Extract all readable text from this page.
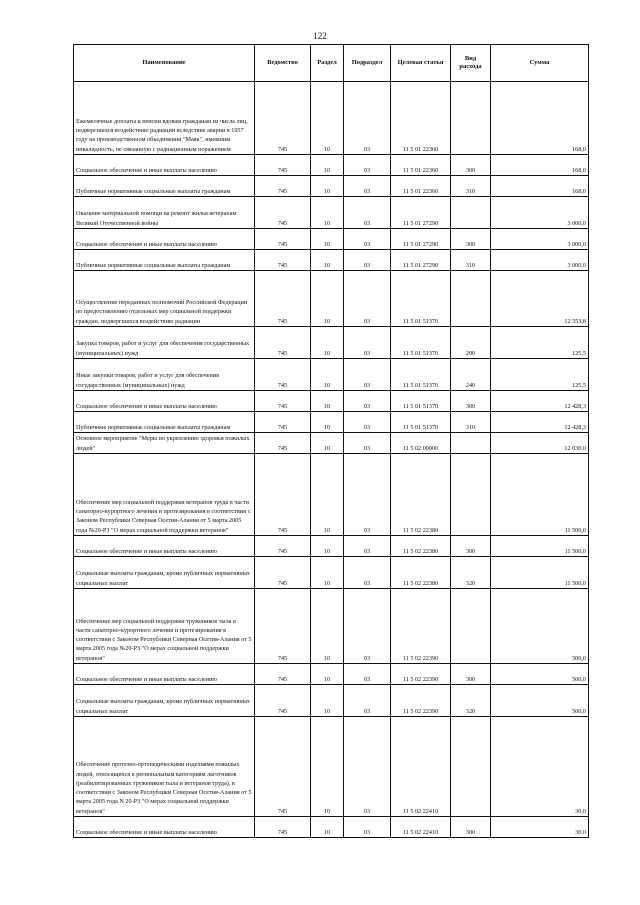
122
Наименование	Ведомство	Раздел	Подраздел	Целевая статья	Вид расхода	Сумма
Ежемесячные доплаты к пенсии вдовам гражданам из числа лиц, подвергшихся воздействию радиации вследствие аварии в 1957 году на производственном объединении "Маяк", имевшим инвалидность, не связанную с радиационным поражением	745	10	03	11 5 01 22360		168,0
Социальное обеспечение и иные выплаты населению	745	10	03	11 5 01 22360	300	168,0
Публичные нормативные социальные выплаты гражданам	745	10	03	11 5 01 22360	310	168,0
Оказание материальной помощи на ремонт жилья ветеранам Великой Отечественной войны	745	10	03	11 5 01 27290		3 000,0
Социальное обеспечение и иные выплаты населению	745	10	03	11 5 01 27290	300	3 000,0
Публичные нормативные социальные выплаты гражданам	745	10	03	11 5 01 27290	310	3 000,0
Осуществление переданных полномочий Российской Федерации по предоставлению отдельных мер социальной поддержки граждан, подвергшихся воздействию радиации	745	10	03	11 5 01 51370		12 553,8
Закупка товаров, работ и услуг для обеспечения государственных (муниципальных) нужд	745	10	03	11 5 01 51370	200	125,5
Иные закупки товаров, работ и услуг для обеспечения государственных (муниципальных) нужд	745	10	03	11 5 01 51370	240	125,5
Социальное обеспечение и иные выплаты населению	745	10	03	11 5 01 51370	300	12 428,3
Публичные нормативные социальные выплаты гражданам	745	10	03	11 5 01 51370	310	12 428,3
Основное мероприятие "Меры по укреплению здоровья пожилых людей"	745	10	03	11 5 02 00000		12 030,0
Обеспечение мер социальной поддержки ветеранов труда в части санаторно-курортного лечения и протезирования в соответствии с Законом Республики Северная Осетия-Алания от 5 марта 2005 года №20-РЗ "О мерах социальной поддержки ветеранов"	745	10	03	11 5 02 22380		11 500,0
Социальное обеспечение и иные выплаты населению	745	10	03	11 5 02 22380	300	11 500,0
Социальные выплаты гражданам, кроме публичных нормативных социальных выплат	745	10	03	11 5 02 22380	320	11 500,0
Обеспечение мер социальной поддержки тружеников тыла в части санаторно-курортного лечения и протезирования в соответствии с Законом Республики Северная Осетия-Алания от 5 марта 2005 года №20-РЗ "О мерах социальной поддержки ветеранов"	745	10	03	11 5 02 22390		500,0
Социальное обеспечение и иные выплаты населению	745	10	03	11 5 02 22390	300	500,0
Социальные выплаты гражданам, кроме публичных нормативных социальных выплат	745	10	03	11 5 02 22390	320	500,0
Обеспечение протезно-ортопедическими изделиями пожилых людей, относящихся к региональным категориям льготников (реабилитированных тружеников тыла и ветеранов труда), в соответствии с Законом Республики Северная Осетия-Алания от 5 марта 2005 года N 20-РЗ "О мерах социальной поддержки ветеранов"	745	10	03	11 5 02 22410		30,0
Социальное обеспечение и иные выплаты населению	745	10	03	11 5 02 22410	300	30,0
